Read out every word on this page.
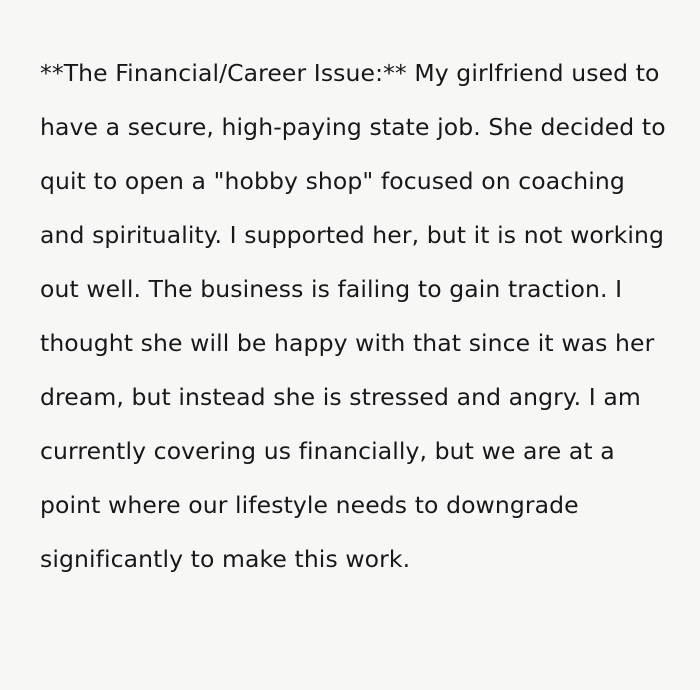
**The Financial/Career Issue:** My girlfriend used to have a secure, high-paying state job. She decided to quit to open a "hobby shop" focused on coaching and spirituality. I supported her, but it is not working out well. The business is failing to gain traction. I thought she will be happy with that since it was her dream, but instead she is stressed and angry. I am currently covering us financially, but we are at a point where our lifestyle needs to downgrade significantly to make this work.
